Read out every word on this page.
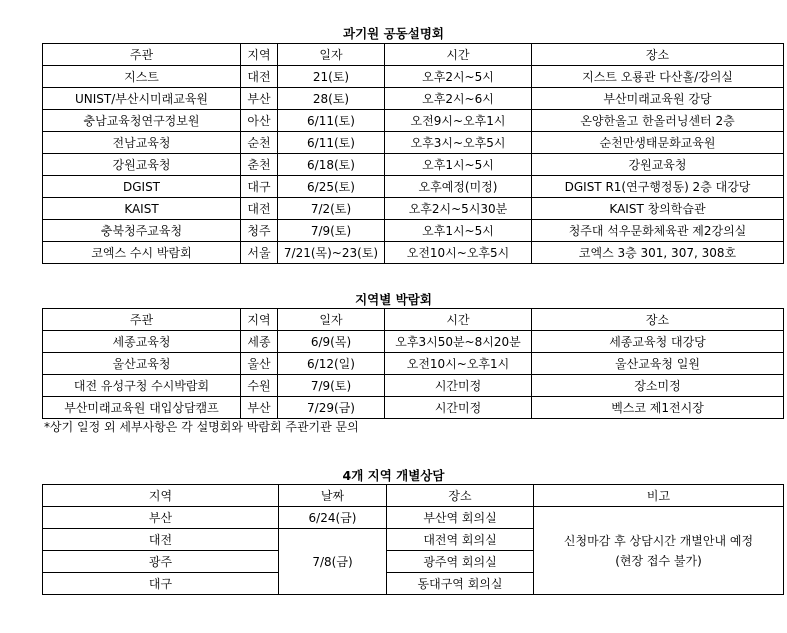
과기원 공동설명회
주관	지역	일자	시간	장소
지스트	대전	21(토)	오후2시~5시	지스트 오룡관 다산홀/강의실
UNIST/부산시미래교육원	부산	28(토)	오후2시~6시	부산미래교육원 강당
충남교육청연구정보원	아산	6/11(토)	오전9시~오후1시	온양한올고 한올러닝센터 2층
전남교육청	순천	6/11(토)	오후3시~오후5시	순천만생태문화교육원
강원교육청	춘천	6/18(토)	오후1시~5시	강원교육청
DGIST	대구	6/25(토)	오후예정(미정)	DGIST R1(연구행정동) 2층 대강당
KAIST	대전	7/2(토)	오후2시~5시30분	KAIST 창의학습관
충북청주교육청	청주	7/9(토)	오후1시~5시	청주대 석우문화체육관 제2강의실
코엑스 수시 박람회	서울	7/21(목)~23(토)	오전10시~오후5시	코엑스 3층 301, 307, 308호
지역별 박람회
주관	지역	일자	시간	장소
세종교육청	세종	6/9(목)	오후3시50분~8시20분	세종교육청 대강당
울산교육청	울산	6/12(일)	오전10시~오후1시	울산교육청 일원
대전 유성구청 수시박람회	수원	7/9(토)	시간미정	장소미정
부산미래교육원 대입상담캠프	부산	7/29(금)	시간미정	벡스코 제1전시장
*상기 일정 외 세부사항은 각 설명회와 박람회 주관기관 문의
4개 지역 개별상담
지역	날짜	장소	비고
부산	6/24(금)	부산역 회의실	신청마감 후 상담시간 개별안내 예정
(현장 접수 불가)

대전	7/8(금)	대전역 회의실	
광주		광주역 회의실	
대구		동대구역 회의실	
